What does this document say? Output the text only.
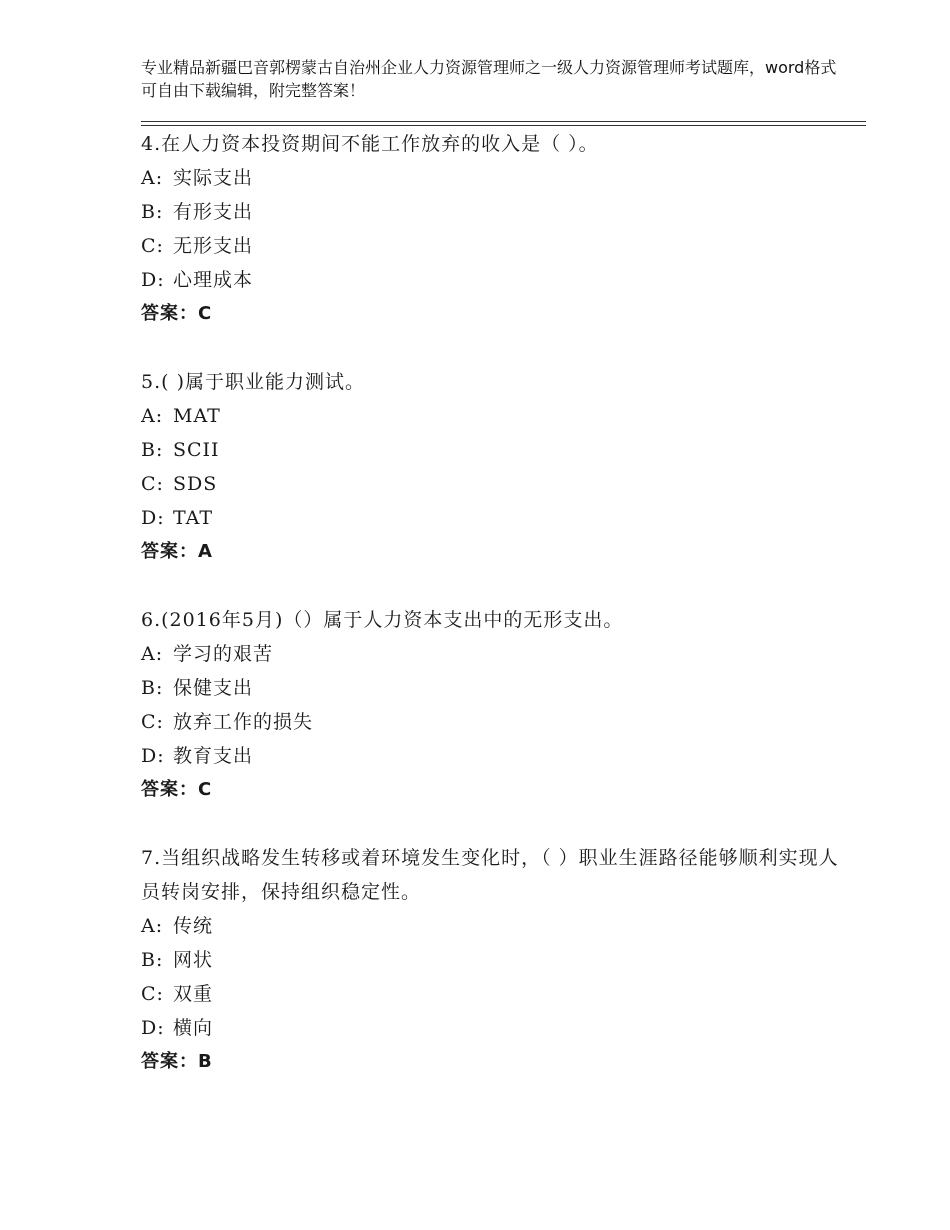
专业精品新疆巴音郭楞蒙古自治州企业人力资源管理师之一级人力资源管理师考试题库，word格式可自由下载编辑，附完整答案！
4.在人力资本投资期间不能工作放弃的收入是（ ）。
A: 实际支出
B: 有形支出
C: 无形支出
D: 心理成本
答案：C
5.( )属于职业能力测试。
A: MAT
B: SCII
C: SDS
D: TAT
答案：A
6.(2016年5月)（）属于人力资本支出中的无形支出。
A: 学习的艰苦
B: 保健支出
C: 放弃工作的损失
D: 教育支出
答案：C
7.当组织战略发生转移或着环境发生变化时，（ ）职业生涯路径能够顺利实现人员转岗安排，保持组织稳定性。
A: 传统
B: 网状
C: 双重
D: 横向
答案：B
